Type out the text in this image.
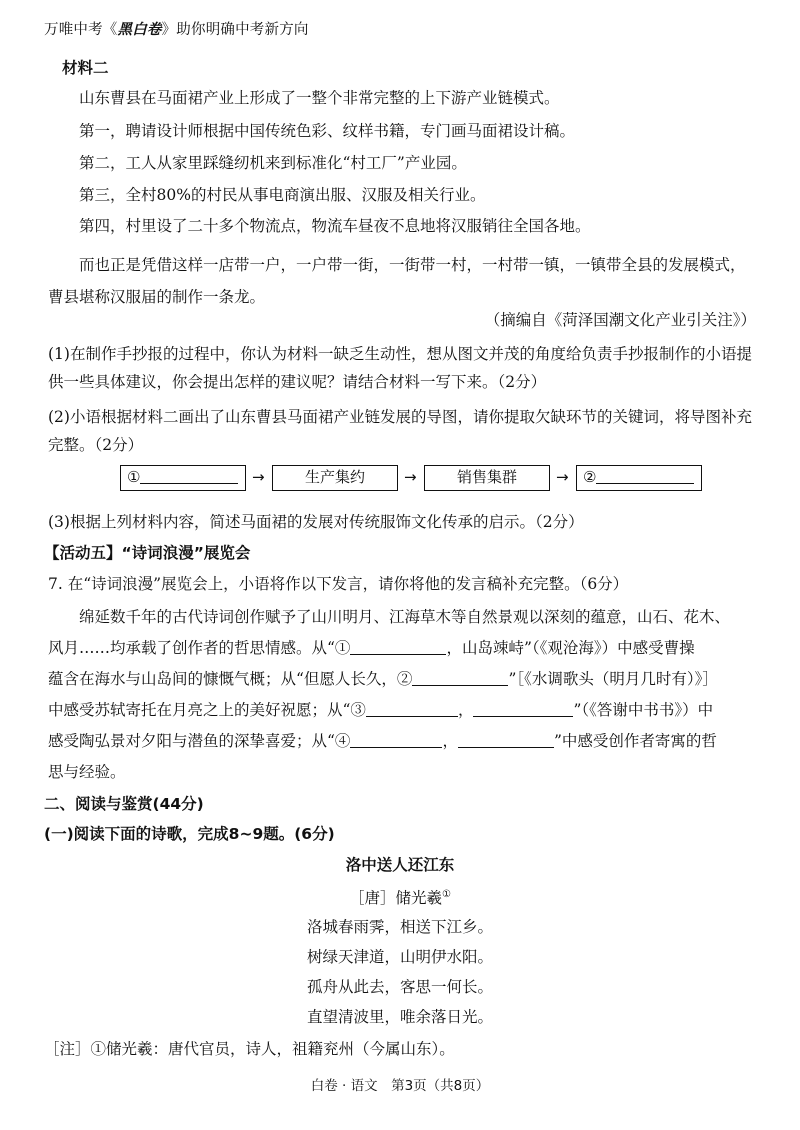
万唯中考《黑白卷》助你明确中考新方向
材料二
山东曹县在马面裙产业上形成了一整个非常完整的上下游产业链模式。
第一，聘请设计师根据中国传统色彩、纹样书籍，专门画马面裙设计稿。
第二，工人从家里踩缝纫机来到标准化“村工厂”产业园。
第三，全村80%的村民从事电商演出服、汉服及相关行业。
第四，村里设了二十多个物流点，物流车昼夜不息地将汉服销往全国各地。
而也正是凭借这样一店带一户，一户带一街，一街带一村，一村带一镇，一镇带全县的发展模式，曹县堪称汉服届的制作一条龙。
（摘编自《菏泽国潮文化产业引关注》）
(1)在制作手抄报的过程中，你认为材料一缺乏生动性，想从图文并茂的角度给负责手抄报制作的小语提供一些具体建议，你会提出怎样的建议呢？请结合材料一写下来。（2分）
(2)小语根据材料二画出了山东曹县马面裙产业链发展的导图，请你提取欠缺环节的关键词，将导图补充完整。（2分）
①	→	生产集约	→	销售集群	→ ②
(3)根据上列材料内容，简述马面裙的发展对传统服饰文化传承的启示。（2分）
【活动五】“诗词浪漫”展览会
7. 在“诗词浪漫”展览会上，小语将作以下发言，请你将他的发言稿补充完整。（6分）
绵延数千年的古代诗词创作赋予了山川明月、江海草木等自然景观以深刻的蕴意，山石、花木、
风月……均承载了创作者的哲思情感。从“①	，山岛竦峙”（《观沧海》）中感受曹操
蕴含在海水与山岛间的慷慨气概；从“但愿人长久，②	”［《水调歌头（明月几时有）》］
中感受苏轼寄托在月亮之上的美好祝愿；从“③	，	”（《答谢中书书》）中
感受陶弘景对夕阳与潜鱼的深挚喜爱；从“④	，	”中感受创作者寄寓的哲
思与经验。
二、阅读与鉴赏(44分)
(一)阅读下面的诗歌，完成8~9题。(6分)
洛中送人还江东
［唐］储光羲①
洛城春雨霁，相送下江乡。
树绿天津道，山明伊水阳。
孤舟从此去，客思一何长。
直望清波里，唯余落日光。
［注］①储光羲：唐代官员，诗人，祖籍兖州（今属山东）。
白卷 · 语文　第3页（共8页）
